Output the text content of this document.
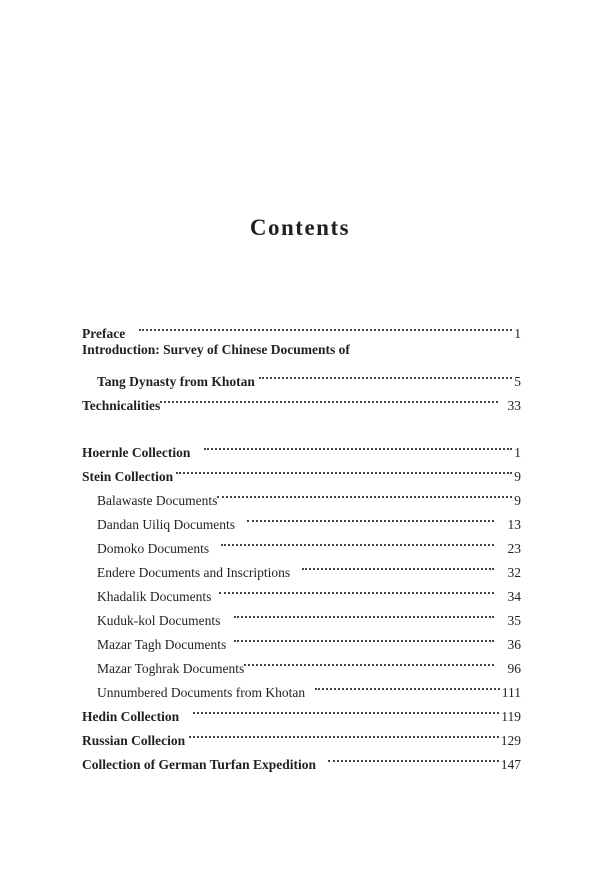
Contents
Preface	1
Introduction: Survey of Chinese Documents of
Tang Dynasty from Khotan	5
Technicalities	33
Hoernle Collection	1
Stein Collection	9
Balawaste Documents	9
Dandan Uiliq Documents	13
Domoko Documents	23
Endere Documents and Inscriptions	32
Khadalik Documents	34
Kuduk-kol Documents	35
Mazar Tagh Documents	36
Mazar Toghrak Documents	96
Unnumbered Documents from Khotan	111
Hedin Collection	119
Russian Collecion	129
Collection of German Turfan Expedition	147
